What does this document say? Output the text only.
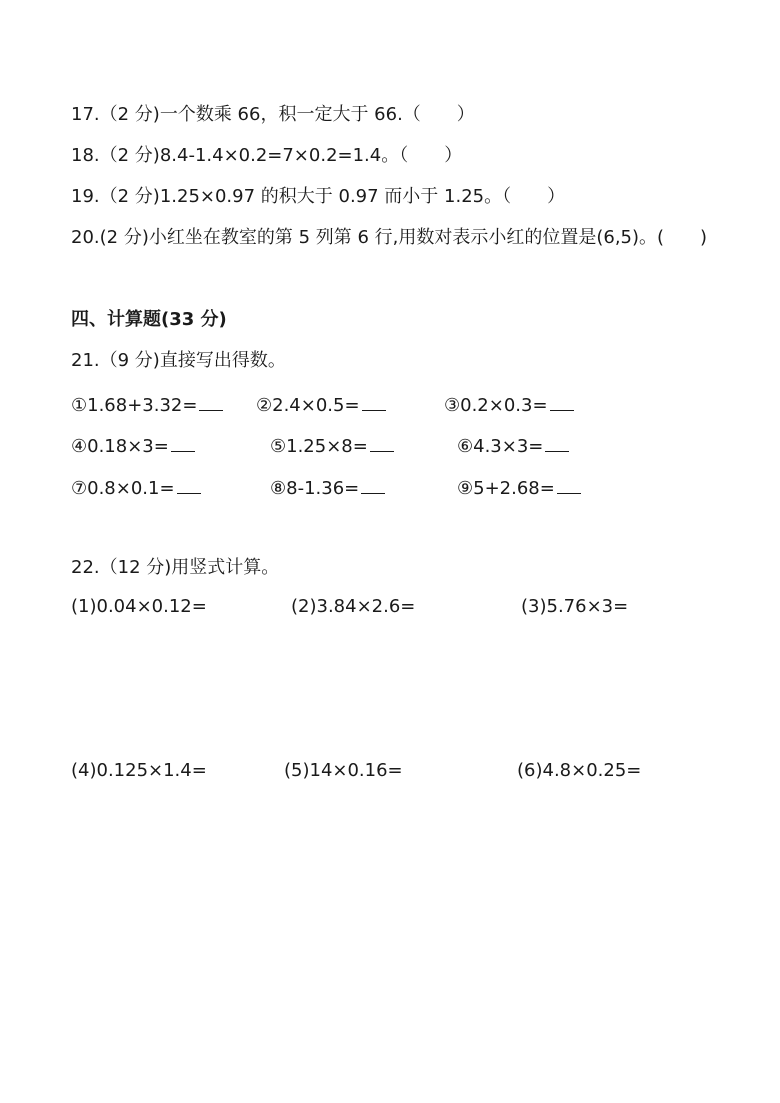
17.（2 分)一个数乘 66，积一定大于 66.（　　）
18.（2 分)8.4-1.4×0.2=7×0.2=1.4。（　　）
19.（2 分)1.25×0.97 的积大于 0.97 而小于 1.25。（　　）
20.(2 分)小红坐在教室的第 5 列第 6 行,用数对表示小红的位置是(6,5)。(　　)
四、计算题(33 分)
21.（9 分)直接写出得数。
①1.68+3.32=	②2.4×0.5=	③0.2×0.3=
④0.18×3=	⑤1.25×8=	⑥4.3×3=
⑦0.8×0.1=	⑧8-1.36=	⑨5+2.68=
22.（12 分)用竖式计算。
(1)0.04×0.12=	(2)3.84×2.6=	(3)5.76×3=
(4)0.125×1.4=	(5)14×0.16=	(6)4.8×0.25=
